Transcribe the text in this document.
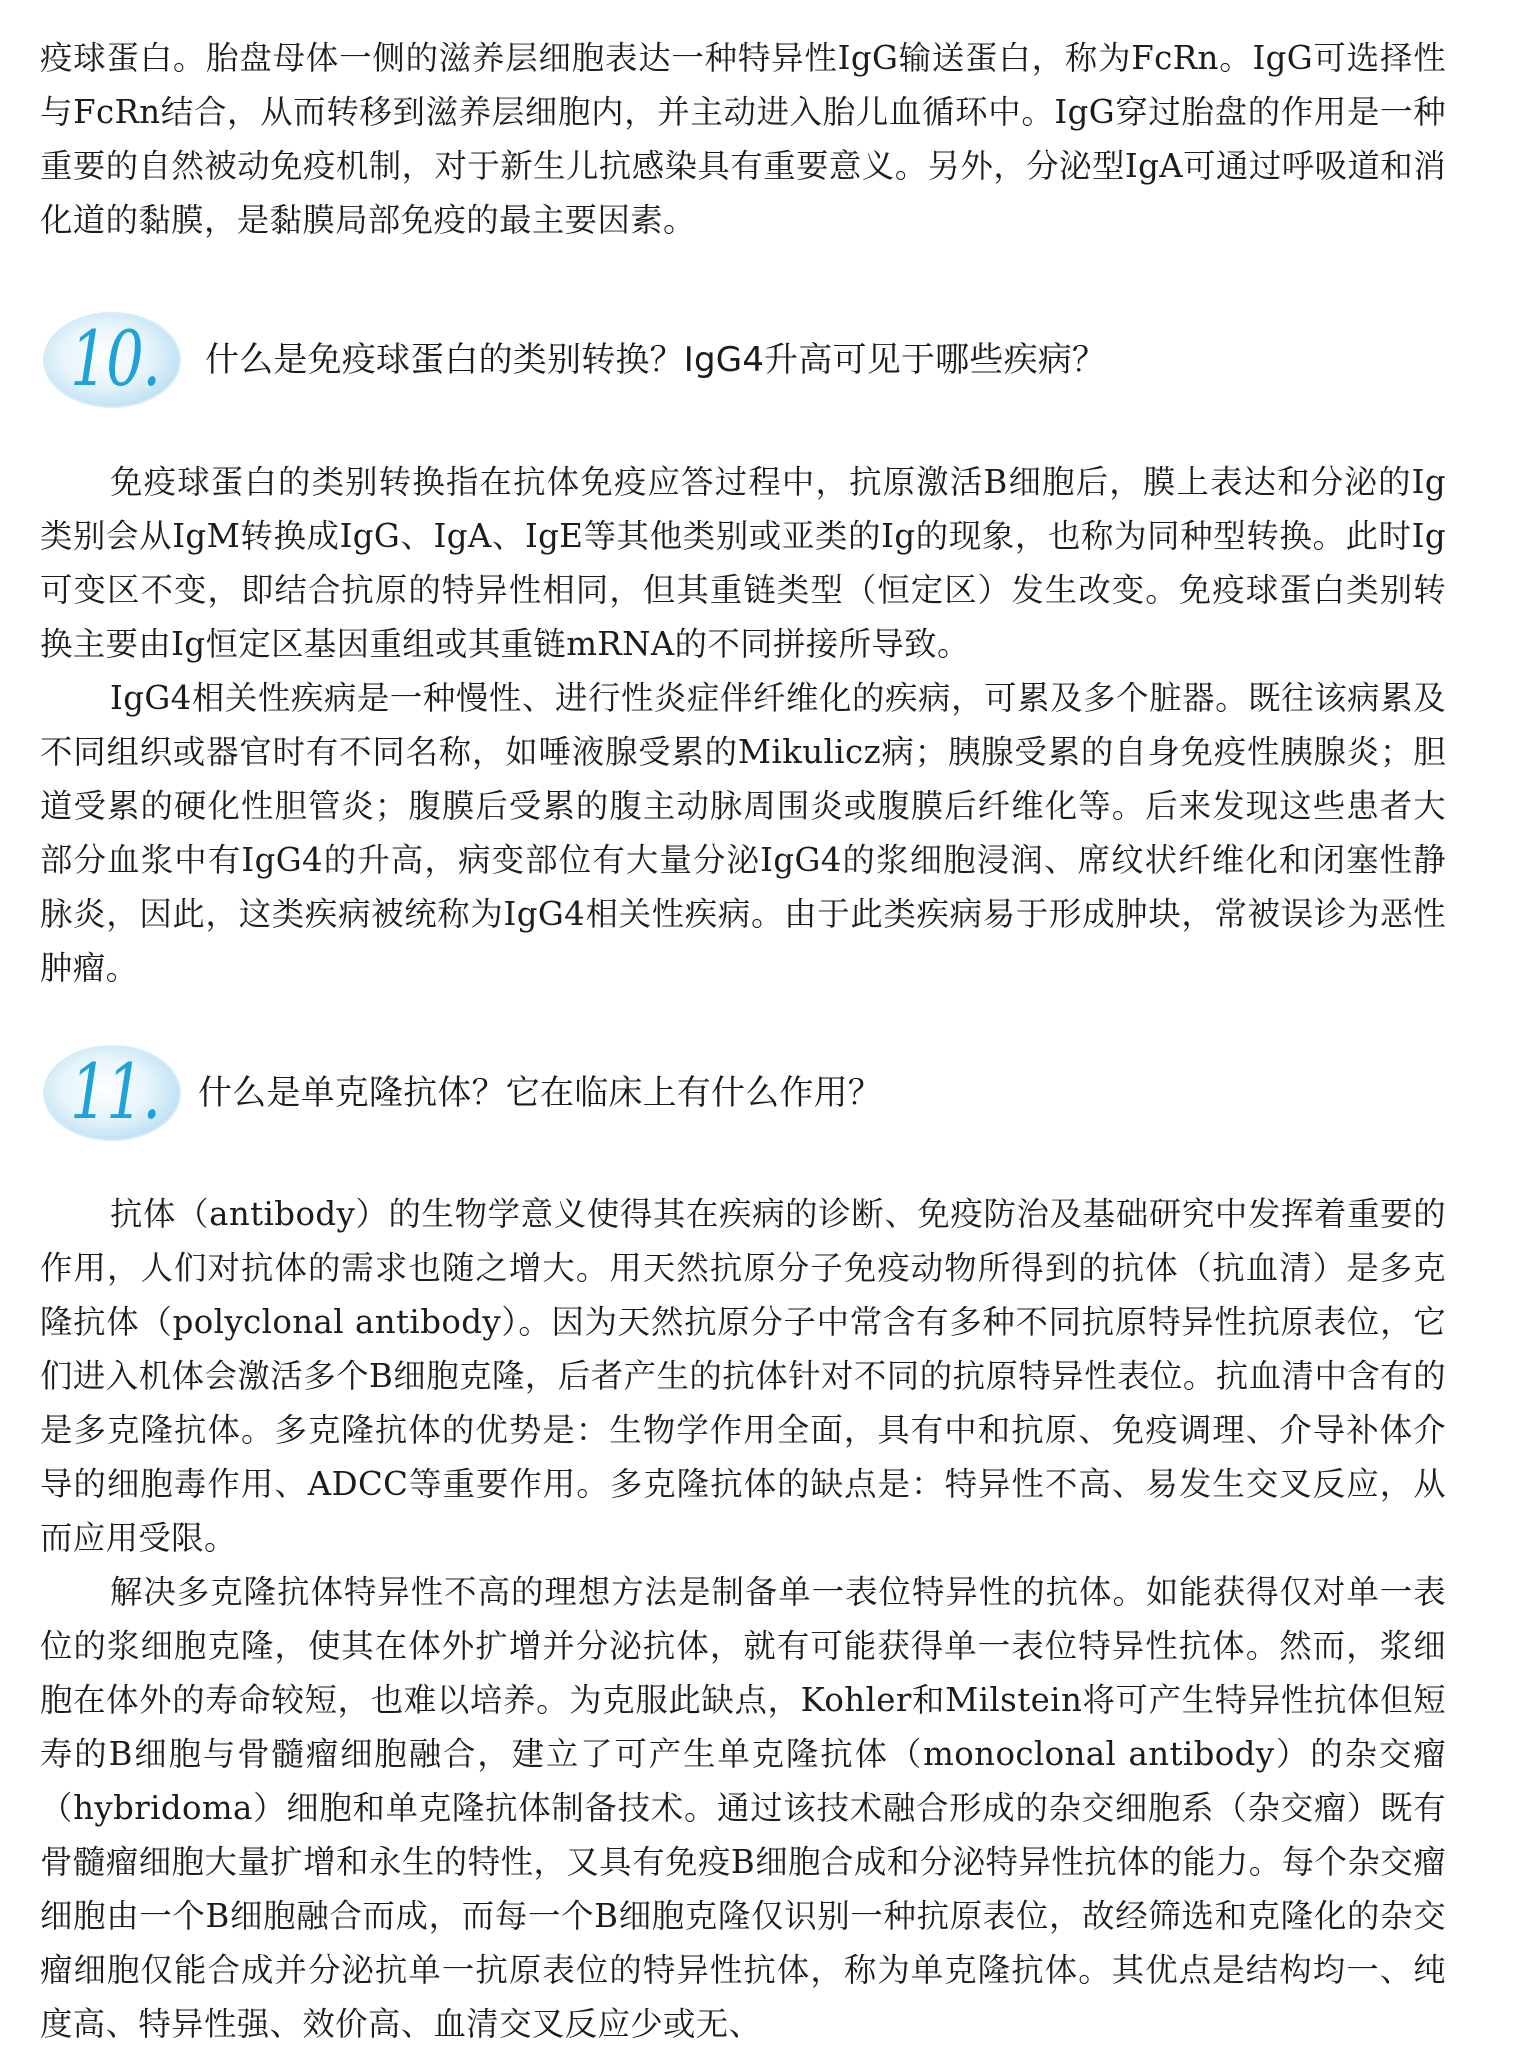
疫球蛋白。胎盘母体一侧的滋养层细胞表达一种特异性IgG输送蛋白，称为FcRn。IgG可选择性与FcRn结合，从而转移到滋养层细胞内，并主动进入胎儿血循环中。IgG穿过胎盘的作用是一种重要的自然被动免疫机制，对于新生儿抗感染具有重要意义。另外，分泌型IgA可通过呼吸道和消化道的黏膜，是黏膜局部免疫的最主要因素。

10. 什么是免疫球蛋白的类别转换？IgG4升高可见于哪些疾病？

免疫球蛋白的类别转换指在抗体免疫应答过程中，抗原激活B细胞后，膜上表达和分泌的Ig类别会从IgM转换成IgG、IgA、IgE等其他类别或亚类的Ig的现象，也称为同种型转换。此时Ig可变区不变，即结合抗原的特异性相同，但其重链类型（恒定区）发生改变。免疫球蛋白类别转换主要由Ig恒定区基因重组或其重链mRNA的不同拼接所导致。

IgG4相关性疾病是一种慢性、进行性炎症伴纤维化的疾病，可累及多个脏器。既往该病累及不同组织或器官时有不同名称，如唾液腺受累的Mikulicz病；胰腺受累的自身免疫性胰腺炎；胆道受累的硬化性胆管炎；腹膜后受累的腹主动脉周围炎或腹膜后纤维化等。后来发现这些患者大部分血浆中有IgG4的升高，病变部位有大量分泌IgG4的浆细胞浸润、席纹状纤维化和闭塞性静脉炎，因此，这类疾病被统称为IgG4相关性疾病。由于此类疾病易于形成肿块，常被误诊为恶性肿瘤。

11. 什么是单克隆抗体？它在临床上有什么作用？

抗体（antibody）的生物学意义使得其在疾病的诊断、免疫防治及基础研究中发挥着重要的作用，人们对抗体的需求也随之增大。用天然抗原分子免疫动物所得到的抗体（抗血清）是多克隆抗体（polyclonal antibody）。因为天然抗原分子中常含有多种不同抗原特异性抗原表位，它们进入机体会激活多个B细胞克隆，后者产生的抗体针对不同的抗原特异性表位。抗血清中含有的是多克隆抗体。多克隆抗体的优势是：生物学作用全面，具有中和抗原、免疫调理、介导补体介导的细胞毒作用、ADCC等重要作用。多克隆抗体的缺点是：特异性不高、易发生交叉反应，从而应用受限。

解决多克隆抗体特异性不高的理想方法是制备单一表位特异性的抗体。如能获得仅对单一表位的浆细胞克隆，使其在体外扩增并分泌抗体，就有可能获得单一表位特异性抗体。然而，浆细胞在体外的寿命较短，也难以培养。为克服此缺点，Kohler和Milstein将可产生特异性抗体但短寿的B细胞与骨髓瘤细胞融合，建立了可产生单克隆抗体（monoclonal antibody）的杂交瘤（hybridoma）细胞和单克隆抗体制备技术。通过该技术融合形成的杂交细胞系（杂交瘤）既有骨髓瘤细胞大量扩增和永生的特性，又具有免疫B细胞合成和分泌特异性抗体的能力。每个杂交瘤细胞由一个B细胞融合而成，而每一个B细胞克隆仅识别一种抗原表位，故经筛选和克隆化的杂交瘤细胞仅能合成并分泌抗单一抗原表位的特异性抗体，称为单克隆抗体。其优点是结构均一、纯度高、特异性强、效价高、血清交叉反应少或无、
